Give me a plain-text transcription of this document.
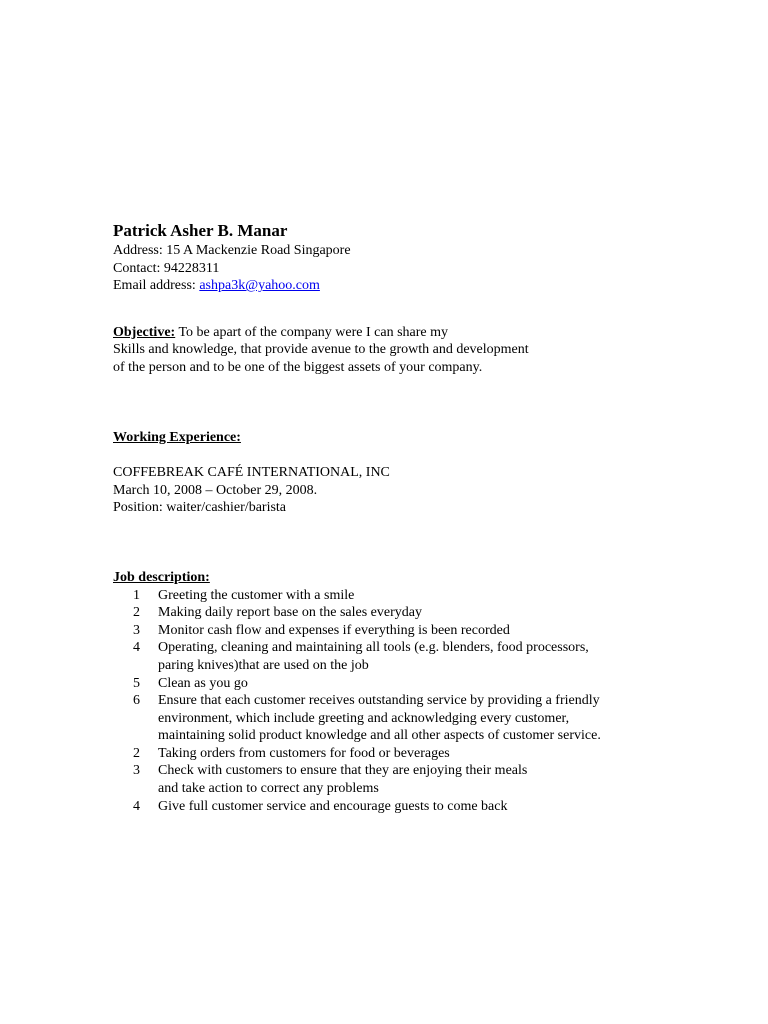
Patrick Asher B. Manar
Address: 15 A Mackenzie Road Singapore
Contact: 94228311
Email address: ashpa3k@yahoo.com
Objective: To be apart of the company were I can share my
Skills and knowledge, that provide avenue to the growth and development
of the person and to be one of the biggest assets of your company.
Working Experience:
COFFEBREAK CAFÉ INTERNATIONAL, INC
March 10, 2008 – October 29, 2008.
Position: waiter/cashier/barista
Job description:
1	Greeting the customer with a smile
2	Making daily report base on the sales everyday
3	Monitor cash flow and expenses if everything is been recorded
4	Operating, cleaning and maintaining all tools (e.g. blenders, food processors,
paring knives)that are used on the job
5	Clean as you go
6	Ensure that each customer receives outstanding service by providing a friendly
environment, which include greeting and acknowledging every customer,
maintaining solid product knowledge and all other aspects of customer service.
2	Taking orders from customers for food or beverages
3	Check with customers to ensure that they are enjoying their meals
and take action to correct any problems
4	Give full customer service and encourage guests to come back
